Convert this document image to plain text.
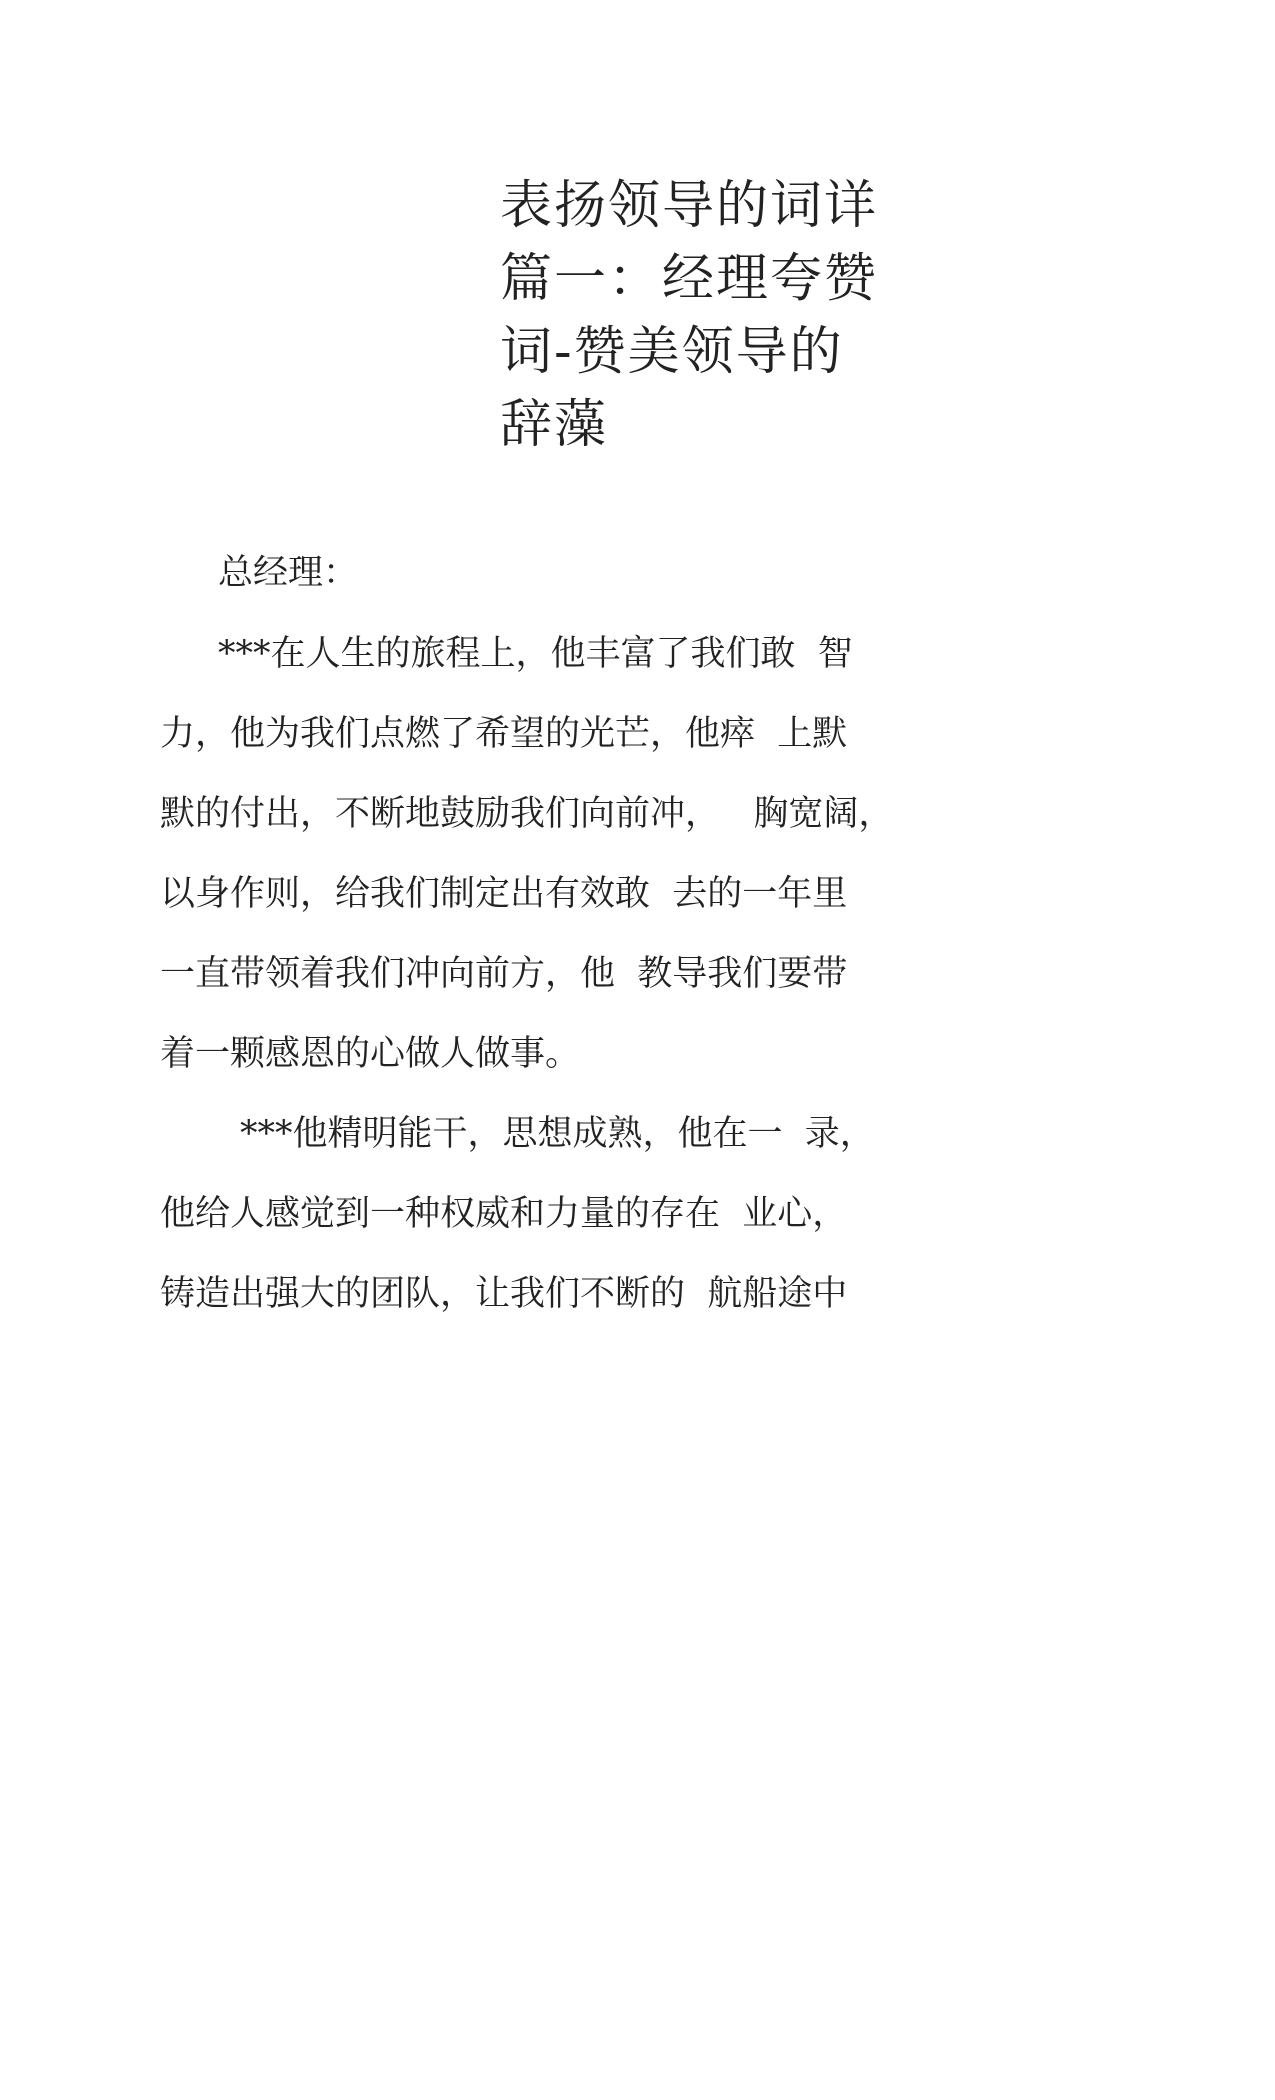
表扬领导的词详
篇一：经理夸赞
词-赞美领导的
辞藻
总经理：
***在人生的旅程上，他丰富了我们敢  智
力，他为我们点燃了希望的光芒，他瘁  上默
默的付出，不断地鼓励我们向前冲，   胸宽阔，
以身作则，给我们制定出有效敢  去的一年里
一直带领着我们冲向前方，他  教导我们要带
着一颗感恩的心做人做事。
***他精明能干，思想成熟，他在一  录，
他给人感觉到一种权威和力量的存在  业心，
铸造出强大的团队，让我们不断的  航船途中
